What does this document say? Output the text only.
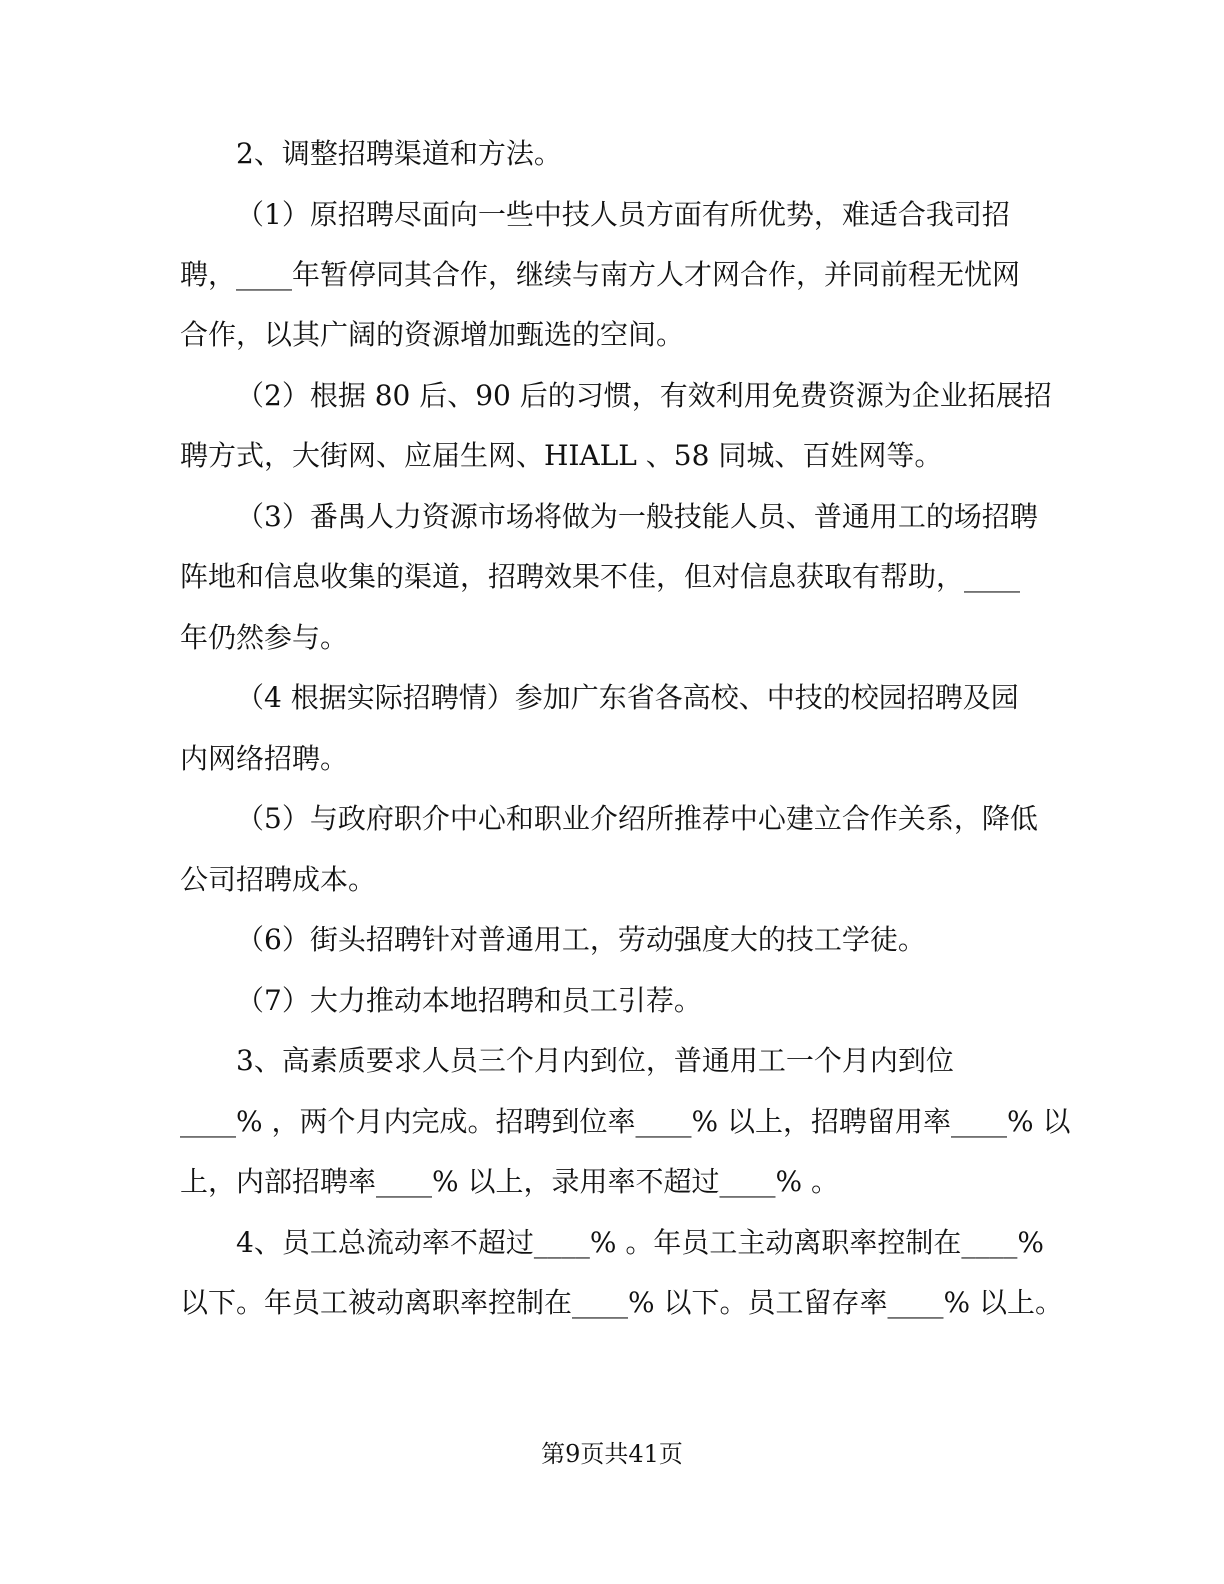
2、调整招聘渠道和方法。
（1）原招聘尽面向一些中技人员方面有所优势，难适合我司招
聘，____年暂停同其合作，继续与南方人才网合作，并同前程无忧网
合作，以其广阔的资源增加甄选的空间。
（2）根据 80 后、90 后的习惯，有效利用免费资源为企业拓展招
聘方式，大街网、应届生网、HIALL 、58 同城、百姓网等。
（3）番禺人力资源市场将做为一般技能人员、普通用工的场招聘
阵地和信息收集的渠道，招聘效果不佳，但对信息获取有帮助，____
年仍然参与。
（4 根据实际招聘情）参加广东省各高校、中技的校园招聘及园
内网络招聘。
（5）与政府职介中心和职业介绍所推荐中心建立合作关系，降低
公司招聘成本。
（6）街头招聘针对普通用工，劳动强度大的技工学徒。
（7）大力推动本地招聘和员工引荐。
3、高素质要求人员三个月内到位，普通用工一个月内到位
____% ，两个月内完成。招聘到位率____% 以上，招聘留用率____% 以
上，内部招聘率____% 以上，录用率不超过____% 。
4、员工总流动率不超过____% 。年员工主动离职率控制在____%
以下。年员工被动离职率控制在____% 以下。员工留存率____% 以上。
第9页共41页
